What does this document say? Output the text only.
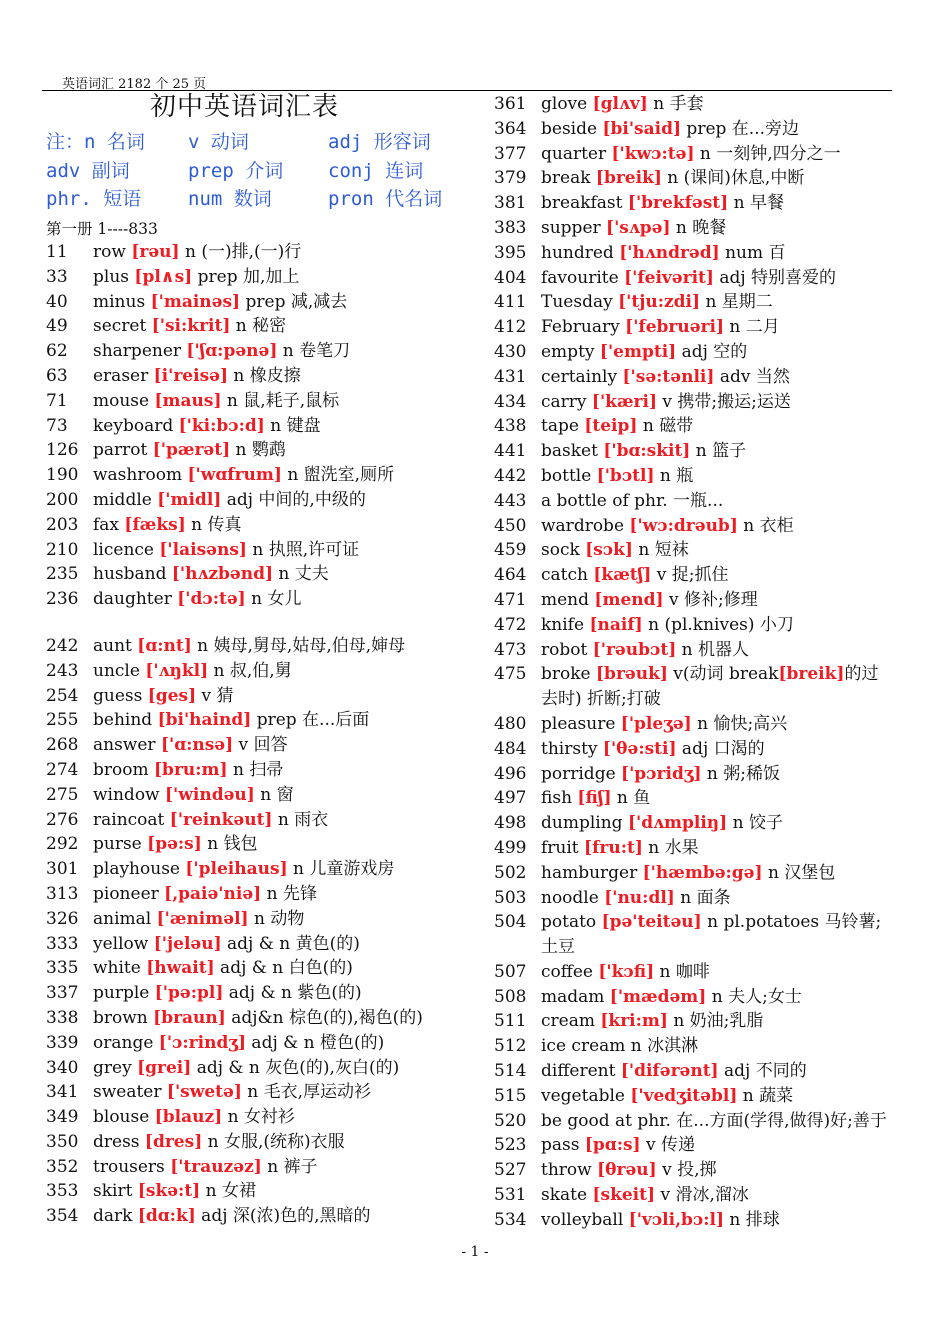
英语词汇 2182 个 25 页
初中英语词汇表
注：n 名词 v 动词	adj 形容词
adv 副词	prep 介词 conj 连词
phr. 短语 num 数词	pron 代名词
第一册 1----833
11	row [rəu] n (一)排,(一)行
33	plus [pl∧s] prep 加,加上
40	minus ['mainəs] prep 减,减去
49	secret ['si:krit] n 秘密
62	sharpener ['ʃɑ:pənə] n 卷笔刀
63	eraser [i'reisə] n 橡皮擦
71	mouse [maus] n 鼠,耗子,鼠标
73	keyboard ['ki:bɔ:d] n 键盘
126 parrot ['pærət] n 鹦鹉
190 washroom ['wɑfrum] n 盥洗室,厕所
200 middle ['midl] adj 中间的,中级的
203 fax [fæks] n 传真
210 licence ['laisəns] n 执照,许可证
235 husband ['hʌzbənd] n 丈夫
236 daughter ['dɔ:tə] n 女儿
242 aunt [ɑ:nt] n 姨母,舅母,姑母,伯母,婶母
243 uncle ['ʌŋkl] n 叔,伯,舅
254 guess [ges] v 猜
255 behind [bi'haind] prep 在...后面
268 answer ['ɑ:nsə] v 回答
274 broom [bru:m] n 扫帚
275 window ['windəu] n 窗
276 raincoat ['reinkəut] n 雨衣
292 purse [pə:s] n 钱包
301 playhouse ['pleihaus] n 儿童游戏房
313 pioneer [,paiə'niə] n 先锋
326 animal ['æniməl] n 动物
333 yellow ['jeləu] adj & n 黄色(的)
335 white [hwait] adj & n 白色(的)
337 purple ['pə:pl] adj & n 紫色(的)
338 brown [braun] adj&n 棕色(的),褐色(的)
339 orange ['ɔ:rindʒ] adj & n 橙色(的)
340 grey [grei] adj & n 灰色(的),灰白(的)
341 sweater ['swetə] n 毛衣,厚运动衫
349 blouse [blauz] n 女衬衫
350 dress [dres] n 女服,(统称)衣服
352 trousers ['trauzəz] n 裤子
353 skirt [skə:t] n 女裙
354 dark [dɑ:k] adj 深(浓)色的,黑暗的
361 glove [glʌv] n 手套
364 beside [bi'said] prep 在...旁边
377 quarter ['kwɔ:tə] n 一刻钟,四分之一
379 break [breik] n (课间)休息,中断
381 breakfast ['brekfəst] n 早餐
383 supper ['sʌpə] n 晚餐
395 hundred ['hʌndrəd] num 百
404 favourite ['feivərit] adj 特别喜爱的
411 Tuesday ['tju:zdi] n 星期二
412 February ['februəri] n 二月
430 empty ['empti] adj 空的
431 certainly ['sə:tənli] adv 当然
434 carry ['kæri] v 携带;搬运;运送
438 tape [teip] n 磁带
441 basket ['bɑ:skit] n 篮子
442 bottle ['bɔtl] n 瓶
443 a bottle of phr. 一瓶...
450 wardrobe ['wɔ:drəub] n 衣柜
459 sock [sɔk] n 短袜
464 catch [kætʃ] v 捉;抓住
471 mend [mend] v 修补;修理
472 knife [naif] n (pl.knives) 小刀
473 robot ['rəubɔt] n 机器人
475 broke [brəuk] v(动词 break[breik]的过去时) 折断;打破
480 pleasure ['pleʒə] n 愉快;高兴
484 thirsty ['θə:sti] adj 口渴的
496 porridge ['pɔridʒ] n 粥;稀饭
497 fish [fiʃ] n 鱼
498 dumpling ['dʌmpliŋ] n 饺子
499 fruit [fru:t] n 水果
502 hamburger ['hæmbə:gə] n 汉堡包
503 noodle ['nu:dl] n 面条
504 potato [pə'teitəu] n pl.potatoes 马铃薯;土豆
507 coffee ['kɔfi] n 咖啡
508 madam ['mædəm] n 夫人;女士
511 cream [kri:m] n 奶油;乳脂
512 ice cream n 冰淇淋
514 different ['difərənt] adj 不同的
515 vegetable ['vedʒitəbl] n 蔬菜
520 be good at phr. 在...方面(学得,做得)好;善于
523 pass [pɑ:s] v 传递
527 throw [θrəu] v 投,掷
531 skate [skeit] v 滑冰,溜冰
534 volleyball ['vɔli,bɔ:l] n 排球
- 1 -
